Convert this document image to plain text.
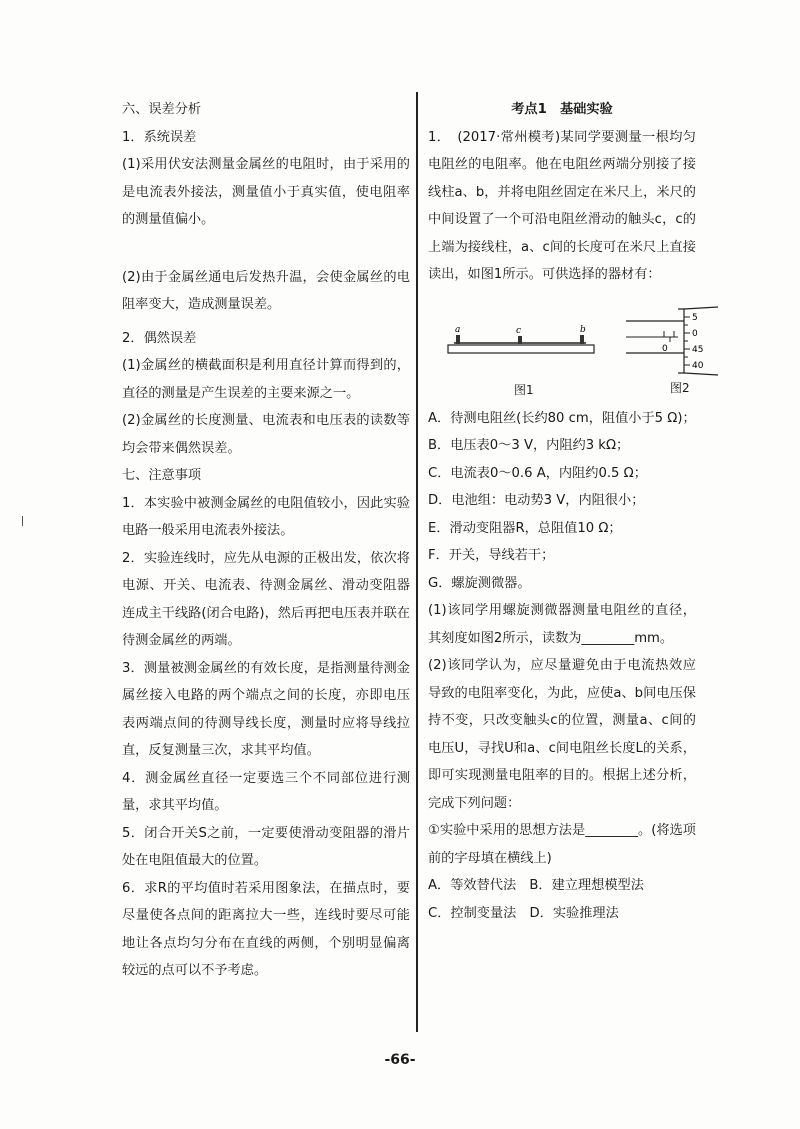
六、误差分析

1．系统误差

(1)采用伏安法测量金属丝的电阻时，由于采用的是电流表外接法，测量值小于真实值，使电阻率的测量值偏小。

(2)由于金属丝通电后发热升温，会使金属丝的电阻率变大，造成测量误差。

2．偶然误差

(1)金属丝的横截面积是利用直径计算而得到的，直径的测量是产生误差的主要来源之一。

(2)金属丝的长度测量、电流表和电压表的读数等均会带来偶然误差。

七、注意事项

1．本实验中被测金属丝的电阻值较小，因此实验电路一般采用电流表外接法。

2．实验连线时，应先从电源的正极出发，依次将电源、开关、电流表、待测金属丝、滑动变阻器连成主干线路(闭合电路)，然后再把电压表并联在待测金属丝的两端。

3．测量被测金属丝的有效长度，是指测量待测金属丝接入电路的两个端点之间的长度，亦即电压表两端点间的待测导线长度，测量时应将导线拉直，反复测量三次，求其平均值。

4．测金属丝直径一定要选三个不同部位进行测量，求其平均值。

5．闭合开关S之前，一定要使滑动变阻器的滑片处在电阻值最大的位置。

6．求R的平均值时若采用图象法，在描点时，要尽量使各点间的距离拉大一些，连线时要尽可能地让各点均匀分布在直线的两侧，个别明显偏离较远的点可以不予考虑。

考点1　基础实验

1．　(2017·常州模考)某同学要测量一根均匀电阻丝的电阻率。他在电阻丝两端分别接了接线柱a、b，并将电阻丝固定在米尺上，米尺的中间设置了一个可沿电阻丝滑动的触头c，c的上端为接线柱，a、c间的长度可在米尺上直接读出，如图1所示。可供选择的器材有：

a	c	b
图1
0
5
0
45
40
图2

A．待测电阻丝(长约80 cm，阻值小于5 Ω)；

B．电压表0～3 V，内阻约3 kΩ；

C．电流表0～0.6 A，内阻约0.5 Ω；

D．电池组：电动势3 V，内阻很小；

E．滑动变阻器R，总阻值10 Ω；

F．开关，导线若干；

G．螺旋测微器。

(1)该同学用螺旋测微器测量电阻丝的直径，其刻度如图2所示，读数为________mm。

(2)该同学认为，应尽量避免由于电流热效应导致的电阻率变化，为此，应使a、b间电压保持不变，只改变触头c的位置，测量a、c间的电压U，寻找U和a、c间电阻丝长度L的关系，即可实现测量电阻率的目的。根据上述分析，完成下列问题：

①实验中采用的思想方法是________。(将选项前的字母填在横线上)

A．等效替代法　B．建立理想模型法

C．控制变量法　D．实验推理法

-66-
